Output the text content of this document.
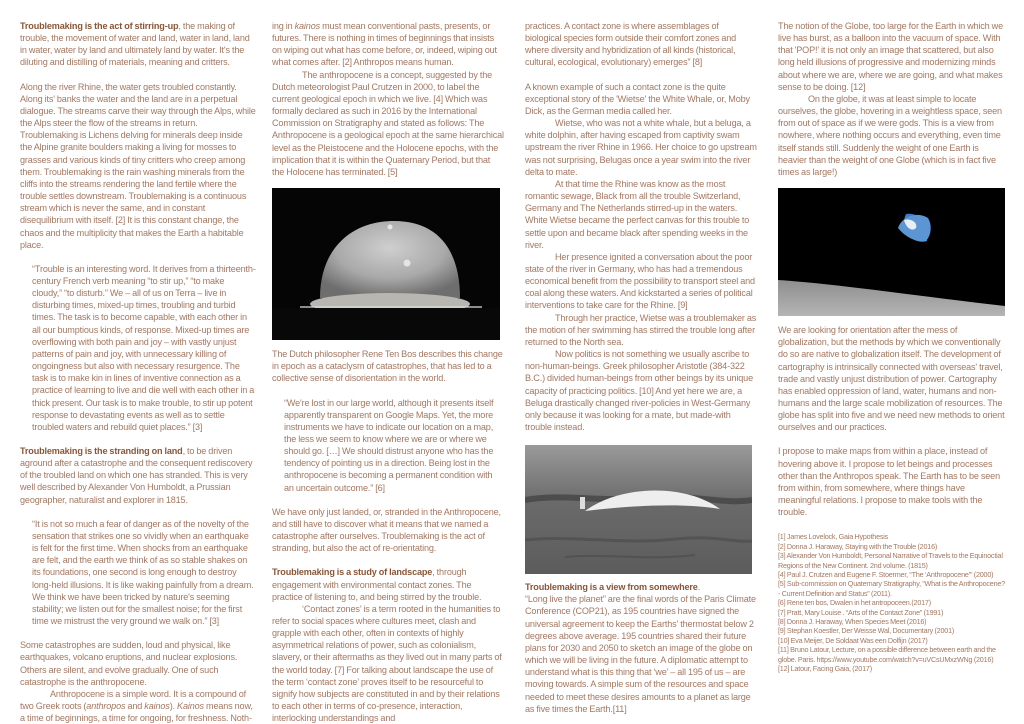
Troublemaking is the act of stirring-up, the making of trouble, the movement of water and land, water in land, land in water, water by land and ultimately land by water. It's the diluting and distilling of materials, meaning and critters.

Along the river Rhine, the water gets troubled constantly. Along its' banks the water and the land are in a perpetual dialogue. The streams carve their way through the Alps, while the Alps steer the flow of the streams in return. Troublemaking is Lichens delving for minerals deep inside the Alpine granite boulders making a living for mosses to grasses and various kinds of tiny critters who creep among them. Troublemaking is the rain washing minerals from the cliffs into the streams rendering the land fertile where the trouble settles downstream. Troublemaking is a continuous stream which is never the same, and in constant disequilibrium with itself. [2] It is this constant change, the chaos and the multiplicity that makes the Earth a habitable place.

“Trouble is an interesting word. It derives from a thirteenth-century French verb meaning “to stir up,” “to make cloudy,” “to disturb.” We – all of us on Terra – live in disturbing times, mixed-up times, troubling and turbid times. The task is to become capable, with each other in all our bumptious kinds, of response. Mixed-up times are overflowing with both pain and joy – with vastly unjust patterns of pain and joy, with unnecessary killing of ongoingness but also with necessary resurgence. The task is to make kin in lines of inventive connection as a practice of learning to live and die well with each other in a thick present. Our task is to make trouble, to stir up potent response to devastating events as well as to settle troubled waters and rebuild quiet places.” [3]

Troublemaking is the stranding on land, to be driven aground after a catastrophe and the consequent rediscovery of the troubled land on which one has stranded. This is very well described by Alexander Von Humboldt, a Prussian geographer, naturalist and explorer in 1815.

“It is not so much a fear of danger as of the novelty of the sensation that strikes one so vividly when an earthquake is felt for the first time. When shocks from an earthquake are felt, and the earth we think of as so stable shakes on its foundations, one second is long enough to destroy long-held illusions. It is like waking painfully from a dream. We think we have been tricked by nature's seeming stability; we listen out for the smallest noise; for the first time we mistrust the very ground we walk on.” [3]

Some catastrophes are sudden, loud and physical, like earthquakes, volcano eruptions, and nuclear explosions. Others are silent, and evolve gradually. One of such catastrophe is the anthropocene.

Anthropocene is a simple word. It is a compound of two Greek roots (anthropos and kainos). Kainos means now, a time of beginnings, a time for ongoing, for freshness. Noth-

ing in kainos must mean conventional pasts, presents, or futures. There is nothing in times of beginnings that insists on wiping out what has come before, or, indeed, wiping out what comes after. [2] Anthropos means human.

The anthropocene is a concept, suggested by the Dutch meteorologist Paul Crutzen in 2000, to label the current geological epoch in which we live. [4] Which was formally declared as such in 2016 by the International Commission on Stratigraphy and stated as follows: The Anthropocene is a geological epoch at the same hierarchical level as the Pleistocene and the Holocene epochs, with the implication that it is within the Quaternary Period, but that the Holocene has terminated. [5]

The Dutch philosopher Rene Ten Bos describes this change in epoch as a cataclysm of catastrophes, that has led to a collective sense of disorientation in the world.

“We're lost in our large world, although it presents itself apparently transparent on Google Maps. Yet, the more instruments we have to indicate our location on a map, the less we seem to know where we are or where we should go. […] We should distrust anyone who has the tendency of pointing us in a direction. Being lost in the anthropocene is becoming a permanent condition with an uncertain outcome.” [6]

We have only just landed, or, stranded in the Anthropocene, and still have to discover what it means that we named a catastrophe after ourselves. Troublemaking is the act of stranding, but also the act of re-orientating.

Troublemaking is a study of landscape, through engagement with environmental contact zones. The practice of listening to, and being stirred by the trouble.

‘Contact zones’ is a term rooted in the humanities to refer to social spaces where cultures meet, clash and grapple with each other, often in contexts of highly asymmetrical relations of power, such as colonialism, slavery, or their aftermaths as they lived out in many parts of the world today. [7] For talking about landscape the use of the term ‘contact zone’ proves itself to be resourceful to signify how subjects are constituted in and by their relations to each other in terms of co-presence, interaction, interlocking understandings and

practices. A contact zone is where assemblages of biological species form outside their comfort zones and where diversity and hybridization of all kinds (historical, cultural, ecological, evolutionary) emerges” [8]

A known example of such a contact zone is the quite exceptional story of the 'Wietse' the White Whale, or, Moby Dick, as the German media called her.

Wietse, who was not a white whale, but a beluga, a white dolphin, after having escaped from captivity swam upstream the river Rhine in 1966. Her choice to go upstream was not surprising, Belugas once a year swim into the river delta to mate.

At that time the Rhine was know as the most romantic sewage, Black from all the trouble Switzerland, Germany and The Netherlands stirred-up in the waters. White Wietse became the perfect canvas for this trouble to settle upon and became black after spending weeks in the river.

Her presence ignited a conversation about the poor state of the river in Germany, who has had a tremendous economical benefit from the possibility to transport steel and coal along these waters. And kickstarted a series of political interventions to take care for the Rhine. [9]

Through her practice, Wietse was a troublemaker as the motion of her swimming has stirred the trouble long after returned to the North sea.

Now politics is not something we usually ascribe to non-human-beings. Greek philosopher Aristotle (384-322 B.C.) divided human-beings from other beings by its unique capacity of practicing politics. [10] And yet here we are, a Beluga drastically changed river-policies in West-Germany only because it was looking for a mate, but made-with trouble instead.

Troublemaking is a view from somewhere.

“Long live the planet” are the final words of the Paris Climate Conference (COP21), as 195 countries have signed the universal agreement to keep the Earths' thermostat below 2 degrees above average. 195 countries shared their future plans for 2030 and 2050 to sketch an image of the globe on which we will be living in the future. A diplomatic attempt to understand what is this thing that ‘we’ – all 195 of us – are moving towards. A simple sum of the resources and space needed to meet these desires amounts to a planet as large as five times the Earth.[11]

The notion of the Globe, too large for the Earth in which we live has burst, as a balloon into the vacuum of space. With that 'POP!' it is not only an image that scattered, but also long held illusions of progressive and modernizing minds about where we are, where we are going, and what makes sense to be doing. [12]

On the globe, it was at least simple to locate ourselves, the globe, hovering in a weightless space, seen from out of space as if we were gods. This is a view from nowhere, where nothing occurs and everything, even time itself stands still. Suddenly the weight of one Earth is heavier than the weight of one Globe (which is in fact five times as large!)

We are looking for orientation after the mess of globalization, but the methods by which we conventionally do so are native to globalization itself. The development of cartography is intrinsically connected with overseas' travel, trade and vastly unjust distribution of power. Cartography has enabled oppression of land, water, humans and non-humans and the large scale mobilization of resources. The globe has split into five and we need new methods to orient ourselves and our practices.

I propose to make maps from within a place, instead of hovering above it. I propose to let beings and processes other than the Anthropos speak. The Earth has to be seen from within, from somewhere, where things have meaningful relations. I propose to make tools with the trouble.

[1] James Lovelock, Gaia Hypothesis
[2] Donna J. Haraway, Staying with the Trouble (2016)
[3] Alexander Von Humboldt, Personal Narrative of Travels to the Equinoctial Regions of the New Continent. 2nd volume. (1815)
[4] Paul J. Crutzen and Eugene F. Stoermer, “The ‘Anthropocene’” (2000)
[5] Sub-commission on Quaternary Stratigraphy, “What is the Anthropocene? - Current Definition and Status” (2011).
[6] Rene ten bos, Dwalen in het antropoceen.(2017)
[7] Pratt, Mary Louise . “Arts of the Contact Zone” (1991)
[8] Donna J. Haraway, When Species Meet (2016)
[9] Stephan Koestler, Der Weisse Wal, Documentary (2001)
[10] Eva Meijer, De Soldaat Was een Dolfijn (2017)
[11] Bruno Latour, Lecture, on a possible difference between earth and the globe. Paris. https://www.youtube.com/watch?v=uVCsUMxzWNg (2016)
[12] Latour, Facing Gaia, (2017)
